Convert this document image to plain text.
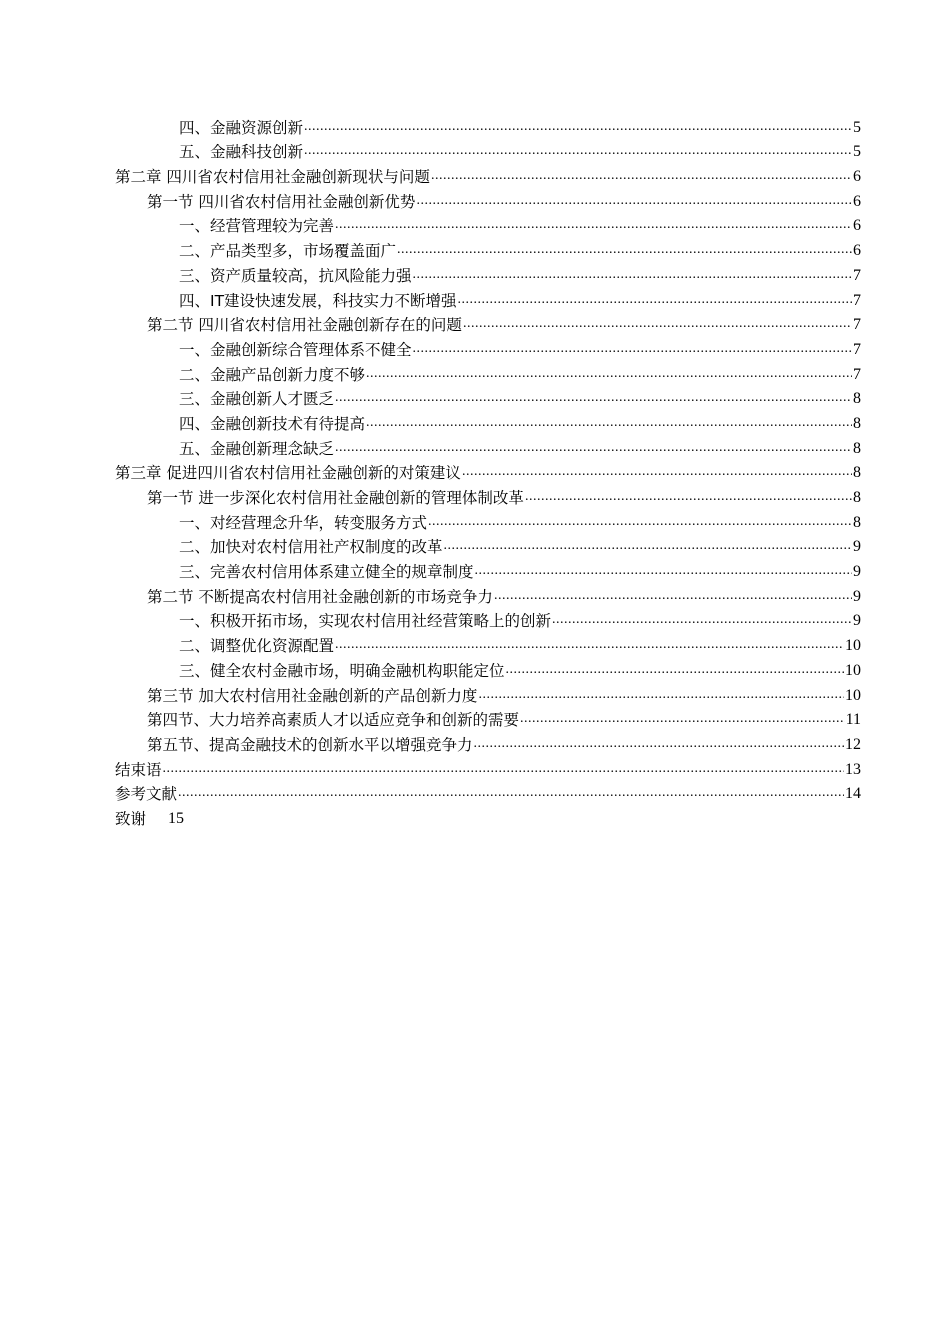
四、金融资源创新 .....	5
五、金融科技创新 .....	5
第二章 四川省农村信用社金融创新现状与问题 .....	6
第一节 四川省农村信用社金融创新优势 .....	6
一、经营管理较为完善 .....	6
二、产品类型多，市场覆盖面广 .....	6
三、资产质量较高，抗风险能力强 .....	7
四、IT建设快速发展，科技实力不断增强 .....	7
第二节 四川省农村信用社金融创新存在的问题 .....	7
一、金融创新综合管理体系不健全 .....	7
二、金融产品创新力度不够 .....	7
三、金融创新人才匮乏 .....	8
四、金融创新技术有待提高 .....	8
五、金融创新理念缺乏 .....	8
第三章 促进四川省农村信用社金融创新的对策建议 .....	8
第一节 进一步深化农村信用社金融创新的管理体制改革 .....	8
一、对经营理念升华，转变服务方式 .....	8
二、加快对农村信用社产权制度的改革 .....	9
三、完善农村信用体系建立健全的规章制度 .....	9
第二节 不断提高农村信用社金融创新的市场竞争力 .....	9
一、积极开拓市场，实现农村信用社经营策略上的创新 .....	9
二、调整优化资源配置 .....	10
三、健全农村金融市场，明确金融机构职能定位 .....	10
第三节 加大农村信用社金融创新的产品创新力度 .....	10
第四节、大力培养高素质人才以适应竞争和创新的需要 .....	11
第五节、提高金融技术的创新水平以增强竞争力 .....	12
结束语 .....	13
参考文献 .....	14
致谢 15
